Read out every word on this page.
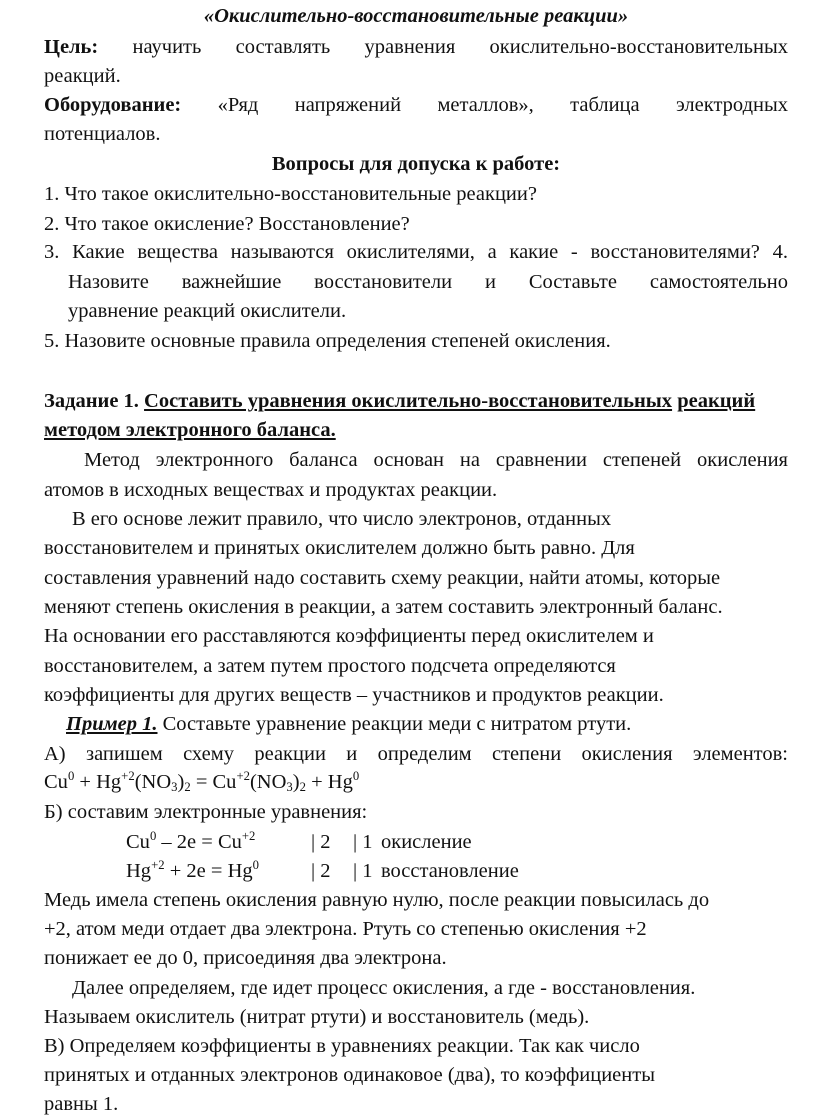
«Окислительно-восстановительные реакции»
Цель: научить составлять уравнения окислительно-восстановительных
реакций.
Оборудование: «Ряд напряжений металлов», таблица электродных
потенциалов.
Вопросы для допуска к работе:
1. Что такое окислительно-восстановительные реакции?
2. Что такое окисление? Восстановление?
3. Какие вещества называются окислителями, а какие - восстановителями? 4.
Назовите важнейшие восстановители и Составьте самостоятельно
уравнение реакций окислители.
5. Назовите основные правила определения степеней окисления.
Задание 1. Составить уравнения окислительно-восстановительных реакций
методом электронного баланса.
Метод электронного баланса основан на сравнении степеней окисления
атомов в исходных веществах и продуктах реакции.
В его основе лежит правило, что число электронов, отданных
восстановителем и принятых окислителем должно быть равно. Для
составления уравнений надо составить схему реакции, найти атомы, которые
меняют степень окисления в реакции, а затем составить электронный баланс.
На основании его расставляются коэффициенты перед окислителем и
восстановителем, а затем путем простого подсчета определяются
коэффициенты для других веществ – участников и продуктов реакции.
Пример 1. Составьте уравнение реакции меди с нитратом ртути.
А) запишем схему реакции и определим степени окисления элементов:
$Cu^0 + Hg^{+2}(NO_3)_2 = Cu^{+2}(NO_3)_2 + Hg^0$
Б) составим электронные уравнения:
$Cu^0 - 2e = Cu^{+2}$	| 2 | 1 окисление
$Hg^{+2} + 2e = Hg^0$	| 2 | 1 восстановление
Медь имела степень окисления равную нулю, после реакции повысилась до
+2, атом меди отдает два электрона. Ртуть со степенью окисления +2
понижает ее до 0, присоединяя два электрона.
Далее определяем, где идет процесс окисления, а где - восстановления.
Называем окислитель (нитрат ртути) и восстановитель (медь).
В) Определяем коэффициенты в уравнениях реакции. Так как число
принятых и отданных электронов одинаковое (два), то коэффициенты
равны 1.
